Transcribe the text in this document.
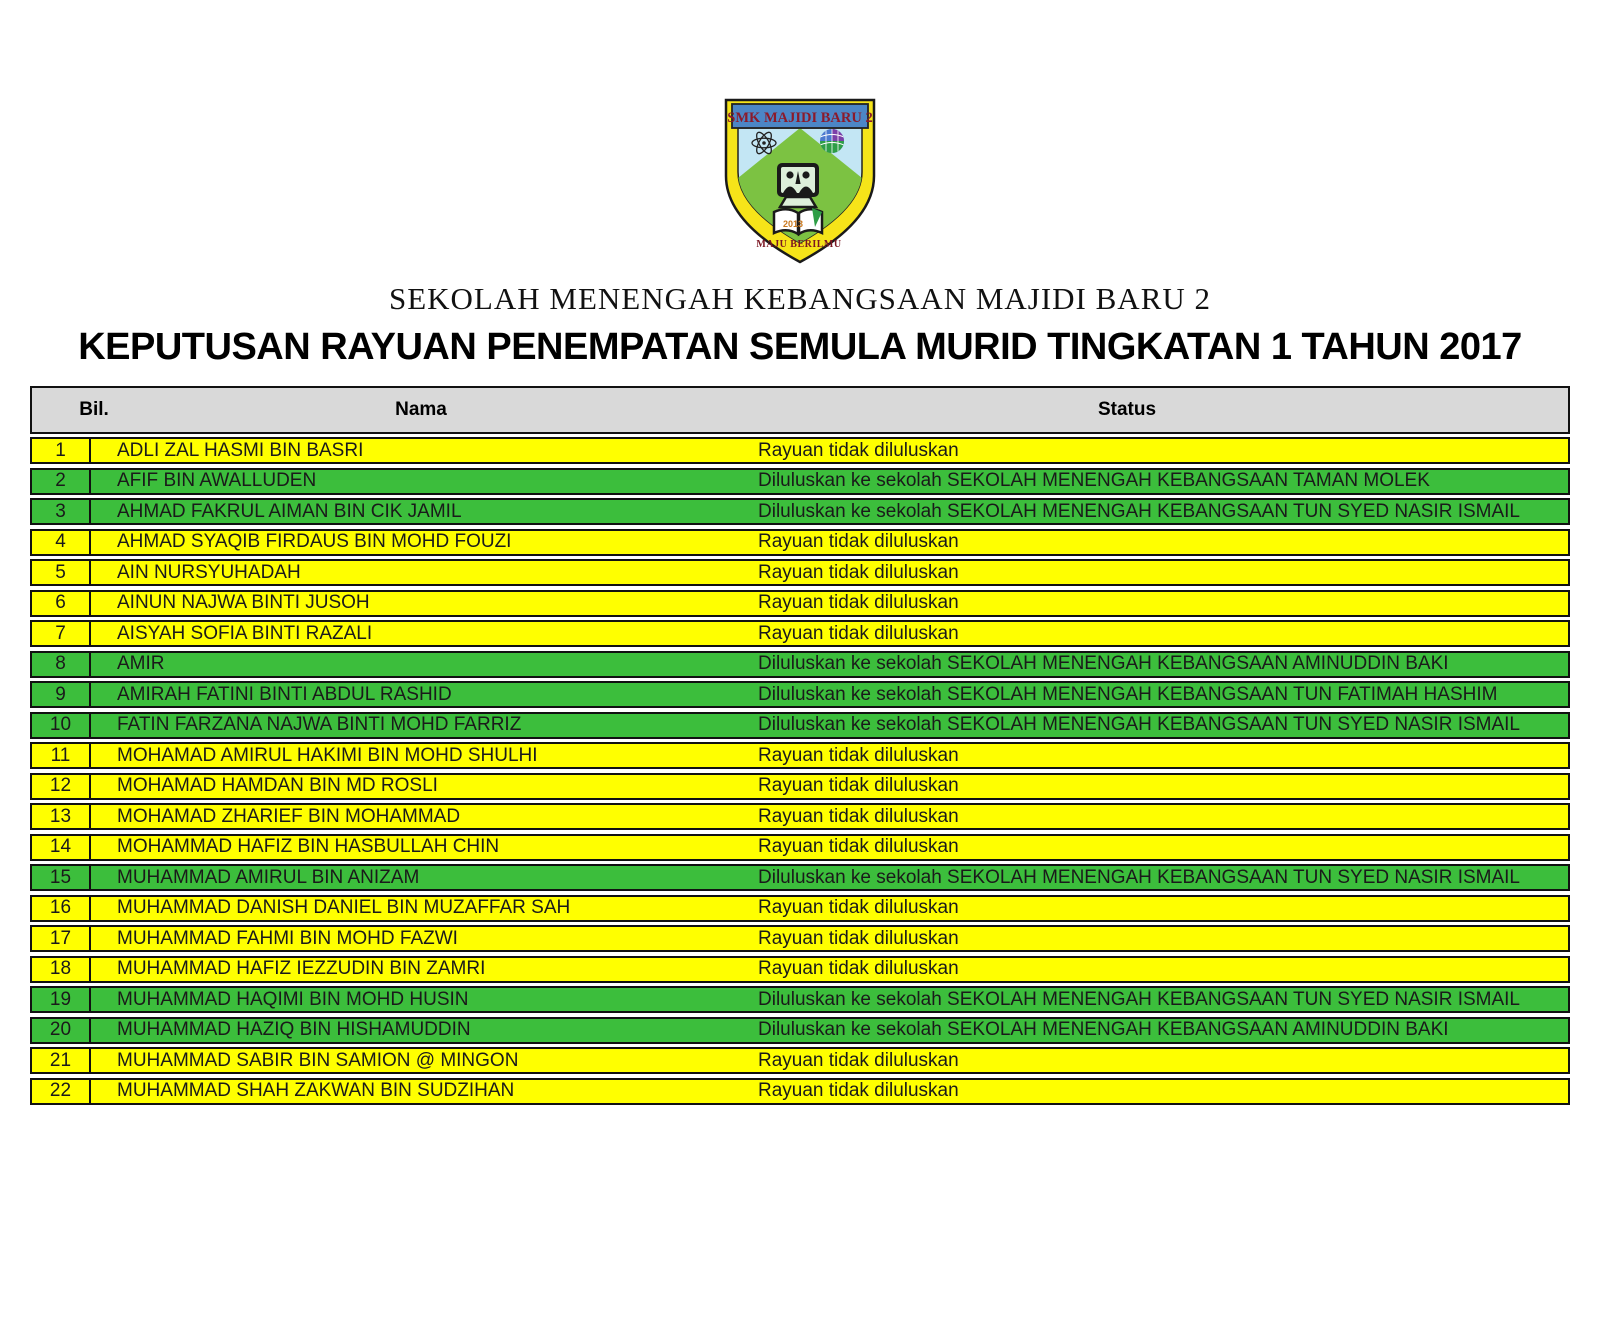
SMK MAJIDI BARU 2
2013
MAJU BERILMU
SEKOLAH MENENGAH KEBANGSAAN MAJIDI BARU 2
KEPUTUSAN RAYUAN PENEMPATAN SEMULA MURID TINGKATAN 1 TAHUN 2017
Bil.	Nama	Status
1	ADLI ZAL HASMI BIN BASRI	Rayuan tidak diluluskan
2	AFIF BIN AWALLUDEN	Diluluskan ke sekolah SEKOLAH MENENGAH KEBANGSAAN TAMAN MOLEK
3	AHMAD FAKRUL AIMAN BIN CIK JAMIL	Diluluskan ke sekolah SEKOLAH MENENGAH KEBANGSAAN TUN SYED NASIR ISMAIL
4	AHMAD SYAQIB FIRDAUS BIN MOHD FOUZI	Rayuan tidak diluluskan
5	AIN NURSYUHADAH	Rayuan tidak diluluskan
6	AINUN NAJWA BINTI JUSOH	Rayuan tidak diluluskan
7	AISYAH SOFIA BINTI RAZALI	Rayuan tidak diluluskan
8	AMIR	Diluluskan ke sekolah SEKOLAH MENENGAH KEBANGSAAN AMINUDDIN BAKI
9	AMIRAH FATINI BINTI ABDUL RASHID	Diluluskan ke sekolah SEKOLAH MENENGAH KEBANGSAAN TUN FATIMAH HASHIM
10	FATIN FARZANA NAJWA BINTI MOHD FARRIZ	Diluluskan ke sekolah SEKOLAH MENENGAH KEBANGSAAN TUN SYED NASIR ISMAIL
11	MOHAMAD AMIRUL HAKIMI BIN MOHD SHULHI	Rayuan tidak diluluskan
12	MOHAMAD HAMDAN BIN MD ROSLI	Rayuan tidak diluluskan
13	MOHAMAD ZHARIEF BIN MOHAMMAD	Rayuan tidak diluluskan
14	MOHAMMAD HAFIZ BIN HASBULLAH CHIN	Rayuan tidak diluluskan
15	MUHAMMAD AMIRUL BIN ANIZAM	Diluluskan ke sekolah SEKOLAH MENENGAH KEBANGSAAN TUN SYED NASIR ISMAIL
16	MUHAMMAD DANISH DANIEL BIN MUZAFFAR SAH	Rayuan tidak diluluskan
17	MUHAMMAD FAHMI BIN MOHD FAZWI	Rayuan tidak diluluskan
18	MUHAMMAD HAFIZ IEZZUDIN BIN ZAMRI	Rayuan tidak diluluskan
19	MUHAMMAD HAQIMI BIN MOHD HUSIN	Diluluskan ke sekolah SEKOLAH MENENGAH KEBANGSAAN TUN SYED NASIR ISMAIL
20	MUHAMMAD HAZIQ BIN HISHAMUDDIN	Diluluskan ke sekolah SEKOLAH MENENGAH KEBANGSAAN AMINUDDIN BAKI
21	MUHAMMAD SABIR BIN SAMION @ MINGON	Rayuan tidak diluluskan
22	MUHAMMAD SHAH ZAKWAN BIN SUDZIHAN	Rayuan tidak diluluskan
